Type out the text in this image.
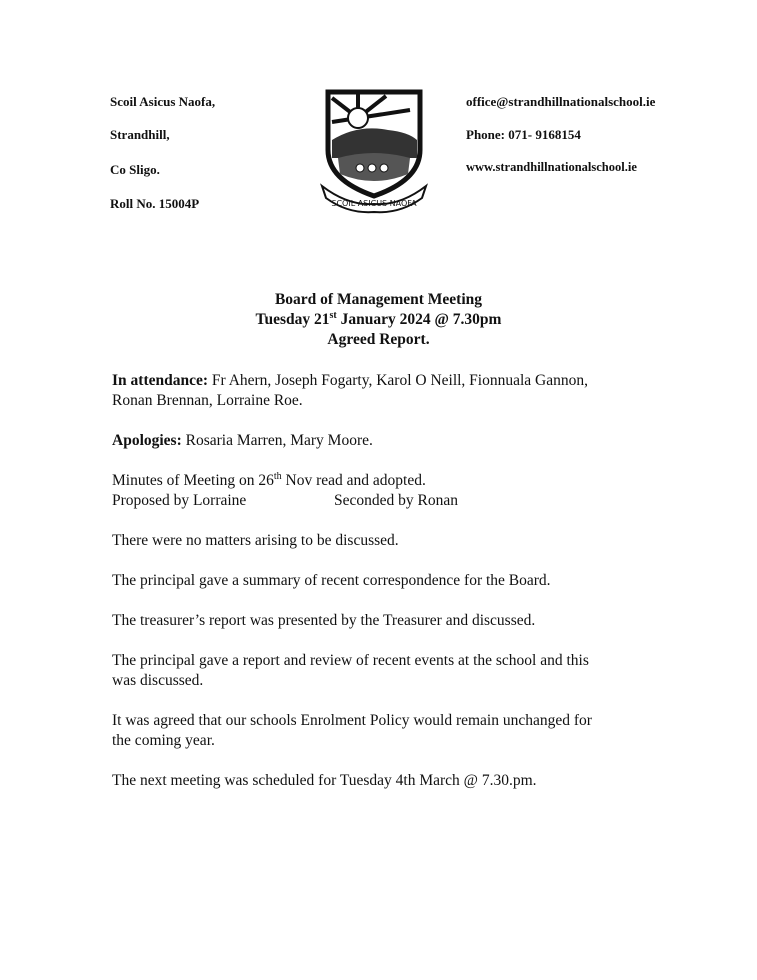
Scoil Asicus Naofa,
Strandhill,
Co Sligo.
Roll No. 15004P	SCOIL ASICUS NAOFA
office@strandhillnationalschool.ie
Phone: 071- 9168154
www.strandhillnationalschool.ie
Board of Management Meeting
Tuesday 21st January 2024 @ 7.30pm
Agreed Report.
In attendance: Fr Ahern, Joseph Fogarty, Karol O Neill, Fionnuala Gannon,
Ronan Brennan, Lorraine Roe.
Apologies: Rosaria Marren, Mary Moore.
Minutes of Meeting on 26th Nov read and adopted.
Proposed by Lorraine	Seconded by Ronan
There were no matters arising to be discussed.
The principal gave a summary of recent correspondence for the Board.
The treasurer’s report was presented by the Treasurer and discussed.
The principal gave a report and review of recent events at the school and this
was discussed.
It was agreed that our schools Enrolment Policy would remain unchanged for
the coming year.
The next meeting was scheduled for Tuesday 4th March @ 7.30.pm.
